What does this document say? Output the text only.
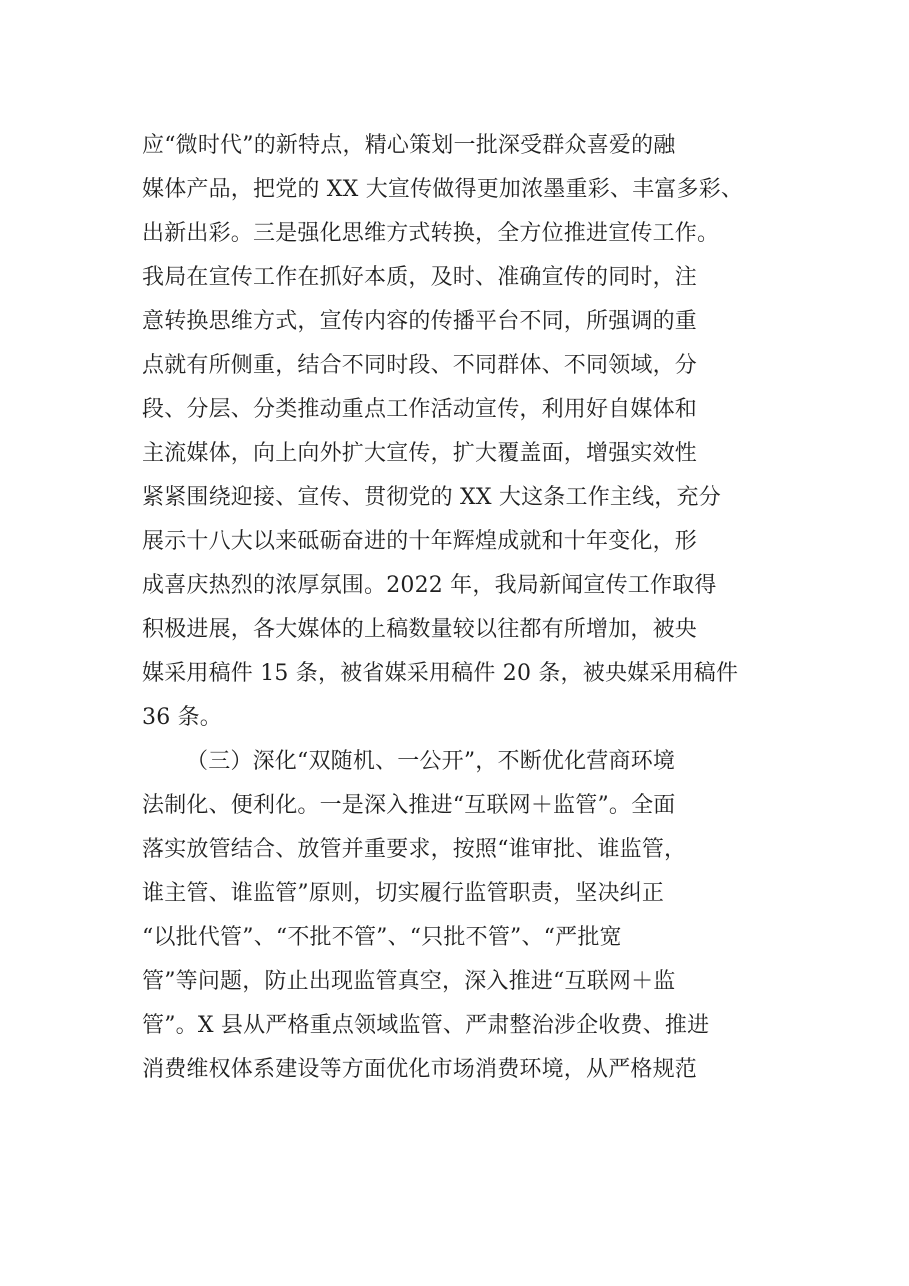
应“微时代”的新特点，精心策划一批深受群众喜爱的融
媒体产品，把党的 XX 大宣传做得更加浓墨重彩、丰富多彩、
出新出彩。三是强化思维方式转换，全方位推进宣传工作。
我局在宣传工作在抓好本质，及时、准确宣传的同时，注
意转换思维方式，宣传内容的传播平台不同，所强调的重
点就有所侧重，结合不同时段、不同群体、不同领域，分
段、分层、分类推动重点工作活动宣传，利用好自媒体和
主流媒体，向上向外扩大宣传，扩大覆盖面，增强实效性
紧紧围绕迎接、宣传、贯彻党的 XX 大这条工作主线，充分
展示十八大以来砥砺奋进的十年辉煌成就和十年变化，形
成喜庆热烈的浓厚氛围。2022 年，我局新闻宣传工作取得
积极进展，各大媒体的上稿数量较以往都有所增加，被央
媒采用稿件 15 条，被省媒采用稿件 20 条，被央媒采用稿件
36 条。
（三）深化“双随机、一公开”，不断优化营商环境
法制化、便利化。一是深入推进“互联网＋监管”。全面
落实放管结合、放管并重要求，按照“谁审批、谁监管，
谁主管、谁监管”原则，切实履行监管职责，坚决纠正
“以批代管”、“不批不管”、“只批不管”、“严批宽
管”等问题，防止出现监管真空，深入推进“互联网＋监
管”。X 县从严格重点领域监管、严肃整治涉企收费、推进
消费维权体系建设等方面优化市场消费环境，从严格规范
